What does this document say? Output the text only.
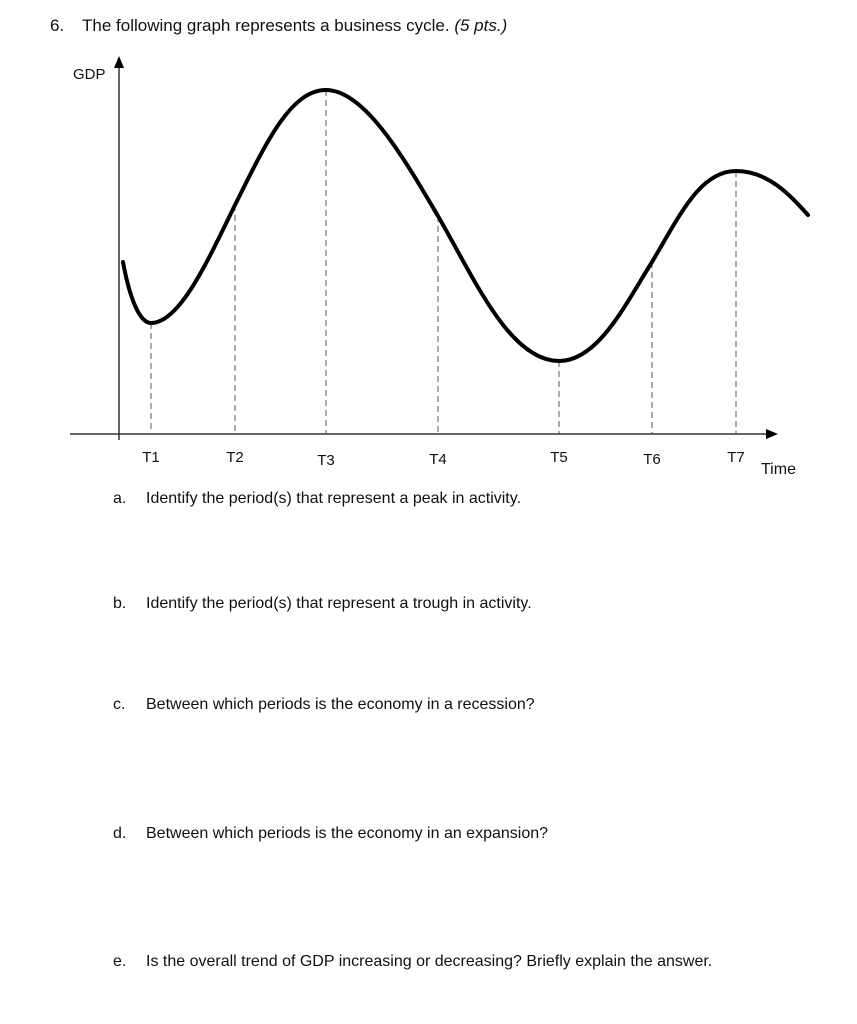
6. The following graph represents a business cycle. (5 pts.)
GDP
Time
T1	T2	T3	T4	T5	T6	T7
a. Identify the period(s) that represent a peak in activity.
b. Identify the period(s) that represent a trough in activity.
c. Between which periods is the economy in a recession?
d. Between which periods is the economy in an expansion?
e. Is the overall trend of GDP increasing or decreasing? Briefly explain the answer.
